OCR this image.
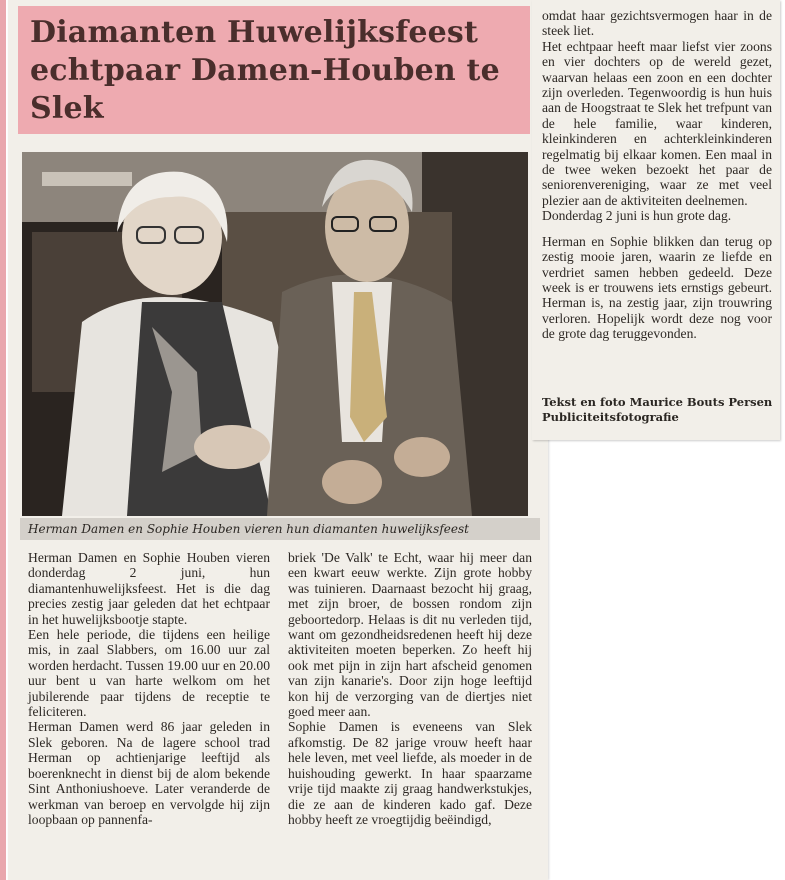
Diamanten Huwelijksfeest echtpaar Damen-Houben te Slek
Herman Damen en Sophie Houben vieren hun diamanten huwelijksfeest

Herman Damen en Sophie Houben vieren donderdag 2 juni, hun diamantenhuwelijksfeest. Het is die dag precies zestig jaar geleden dat het echtpaar in het huwelijksbootje stapte.

Een hele periode, die tijdens een heilige mis, in zaal Slabbers, om 16.00 uur zal worden herdacht. Tussen 19.00 uur en 20.00 uur bent u van harte welkom om het jubilerende paar tijdens de receptie te feliciteren.

Herman Damen werd 86 jaar geleden in Slek geboren. Na de lagere school trad Herman op achtienjarige leeftijd als boerenknecht in dienst bij de alom bekende Sint Anthoniushoeve. Later veranderde de werkman van beroep en vervolgde hij zijn loopbaan op pannenfa-

briek 'De Valk' te Echt, waar hij meer dan een kwart eeuw werkte. Zijn grote hobby was tuinieren. Daarnaast bezocht hij graag, met zijn broer, de bossen rondom zijn geboortedorp. Helaas is dit nu verleden tijd, want om gezondheidsredenen heeft hij deze aktiviteiten moeten beperken. Zo heeft hij ook met pijn in zijn hart afscheid genomen van zijn kanarie's. Door zijn hoge leeftijd kon hij de verzorging van de diertjes niet goed meer aan.

Sophie Damen is eveneens van Slek afkomstig. De 82 jarige vrouw heeft haar hele leven, met veel liefde, als moeder in de huishouding gewerkt. In haar spaarzame vrije tijd maakte zij graag handwerkstukjes, die ze aan de kinderen kado gaf. Deze hobby heeft ze vroegtijdig beëindigd,

omdat haar gezichtsvermogen haar in de steek liet.

Het echtpaar heeft maar liefst vier zoons en vier dochters op de wereld gezet, waarvan helaas een zoon en een dochter zijn overleden. Tegenwoordig is hun huis aan de Hoogstraat te Slek het trefpunt van de hele familie, waar kinderen, kleinkinderen en achterkleinkinderen regelmatig bij elkaar komen. Een maal in de twee weken bezoekt het paar de seniorenvereniging, waar ze met veel plezier aan de aktiviteiten deelnemen.

Donderdag 2 juni is hun grote dag.

Herman en Sophie blikken dan terug op zestig mooie jaren, waarin ze liefde en verdriet samen hebben gedeeld. Deze week is er trouwens iets ernstigs gebeurt. Herman is, na zestig jaar, zijn trouwring verloren. Hopelijk wordt deze nog voor de grote dag teruggevonden.

Tekst en foto Maurice Bouts Persen Publiciteitsfotografie
